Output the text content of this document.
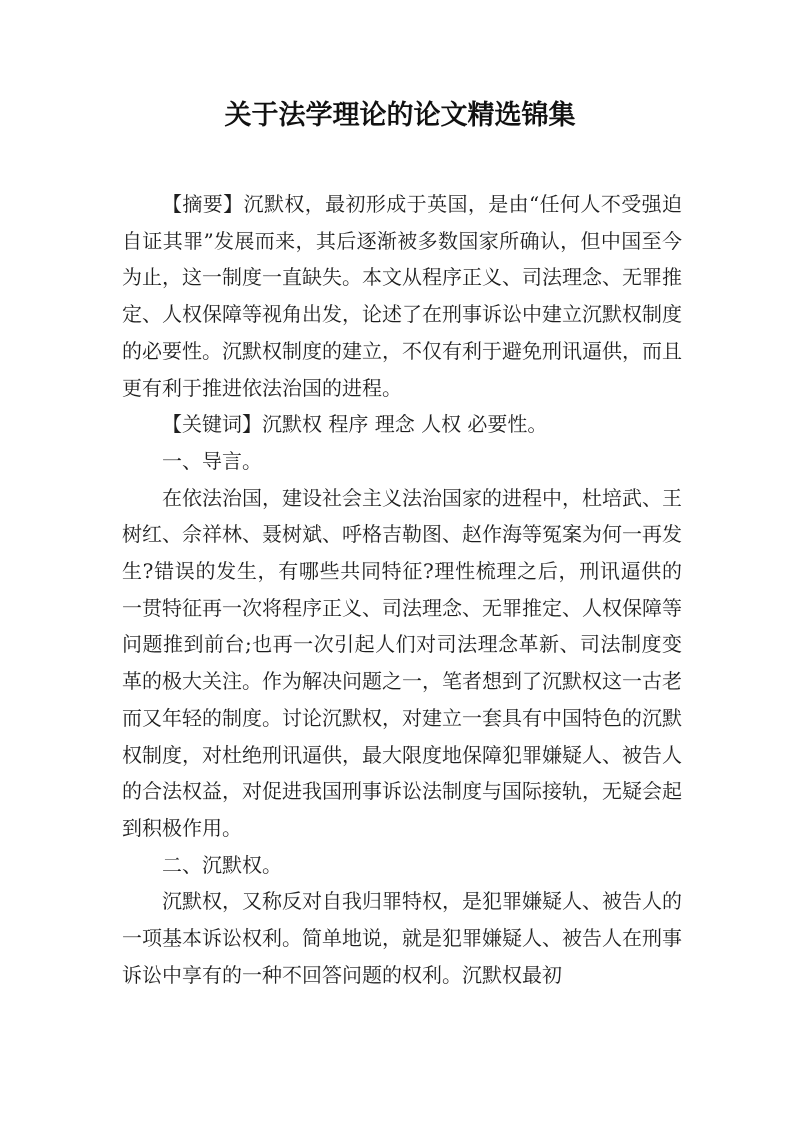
关于法学理论的论文精选锦集

【摘要】沉默权，最初形成于英国，是由“任何人不受强迫自证其罪”发展而来，其后逐渐被多数国家所确认，但中国至今为止，这一制度一直缺失。本文从程序正义、司法理念、无罪推定、人权保障等视角出发，论述了在刑事诉讼中建立沉默权制度的必要性。沉默权制度的建立，不仅有利于避免刑讯逼供，而且更有利于推进依法治国的进程。

【关键词】沉默权 程序 理念 人权 必要性。

一、导言。

在依法治国，建设社会主义法治国家的进程中，杜培武、王树红、佘祥林、聂树斌、呼格吉勒图、赵作海等冤案为何一再发生?错误的发生，有哪些共同特征?理性梳理之后，刑讯逼供的一贯特征再一次将程序正义、司法理念、无罪推定、人权保障等问题推到前台;也再一次引起人们对司法理念革新、司法制度变革的极大关注。作为解决问题之一，笔者想到了沉默权这一古老而又年轻的制度。讨论沉默权，对建立一套具有中国特色的沉默权制度，对杜绝刑讯逼供，最大限度地保障犯罪嫌疑人、被告人的合法权益，对促进我国刑事诉讼法制度与国际接轨，无疑会起到积极作用。

二、沉默权。

沉默权，又称反对自我归罪特权，是犯罪嫌疑人、被告人的一项基本诉讼权利。简单地说，就是犯罪嫌疑人、被告人在刑事诉讼中享有的一种不回答问题的权利。沉默权最初
